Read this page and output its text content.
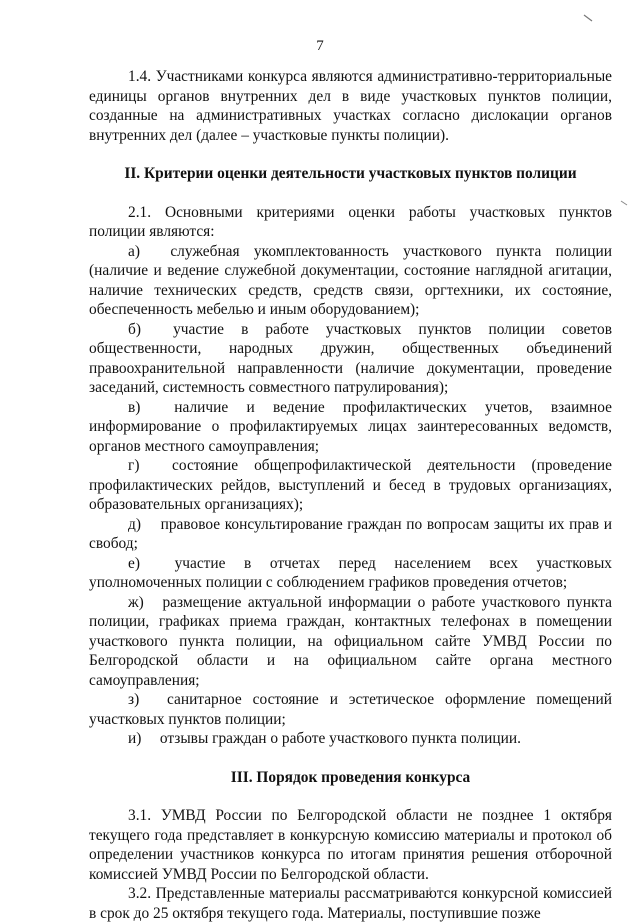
7

1.4. Участниками конкурса являются административно-территориальные единицы органов внутренних дел в виде участковых пунктов полиции, созданные на административных участках согласно дислокации органов внутренних дел (далее – участковые пункты полиции).

II. Критерии оценки деятельности участковых пунктов полиции

2.1. Основными критериями оценки работы участковых пунктов полиции являются:

а) служебная укомплектованность участкового пункта полиции (наличие и ведение служебной документации, состояние наглядной агитации, наличие технических средств, средств связи, оргтехники, их состояние, обеспеченность мебелью и иным оборудованием);

б) участие в работе участковых пунктов полиции советов общественности, народных дружин, общественных объединений правоохранительной направленности (наличие документации, проведение заседаний, системность совместного патрулирования);

в) наличие и ведение профилактических учетов, взаимное информирование о профилактируемых лицах заинтересованных ведомств, органов местного самоуправления;

г) состояние общепрофилактической деятельности (проведение профилактических рейдов, выступлений и бесед в трудовых организациях, образовательных организациях);

д) правовое консультирование граждан по вопросам защиты их прав и свобод;

е) участие в отчетах перед населением всех участковых уполномоченных полиции с соблюдением графиков проведения отчетов;

ж) размещение актуальной информации о работе участкового пункта полиции, графиках приема граждан, контактных телефонах в помещении участкового пункта полиции, на официальном сайте УМВД России по Белгородской области и на официальном сайте органа местного самоуправления;

з) санитарное состояние и эстетическое оформление помещений участковых пунктов полиции;

и) отзывы граждан о работе участкового пункта полиции.

III. Порядок проведения конкурса

3.1. УМВД России по Белгородской области не позднее 1 октября текущего года представляет в конкурсную комиссию материалы и протокол об определении участников конкурса по итогам принятия решения отборочной комиссией УМВД России по Белгородской области.

3.2. Представленные материалы рассматриваются конкурсной комиссией в срок до 25 октября текущего года. Материалы, поступившие позже
